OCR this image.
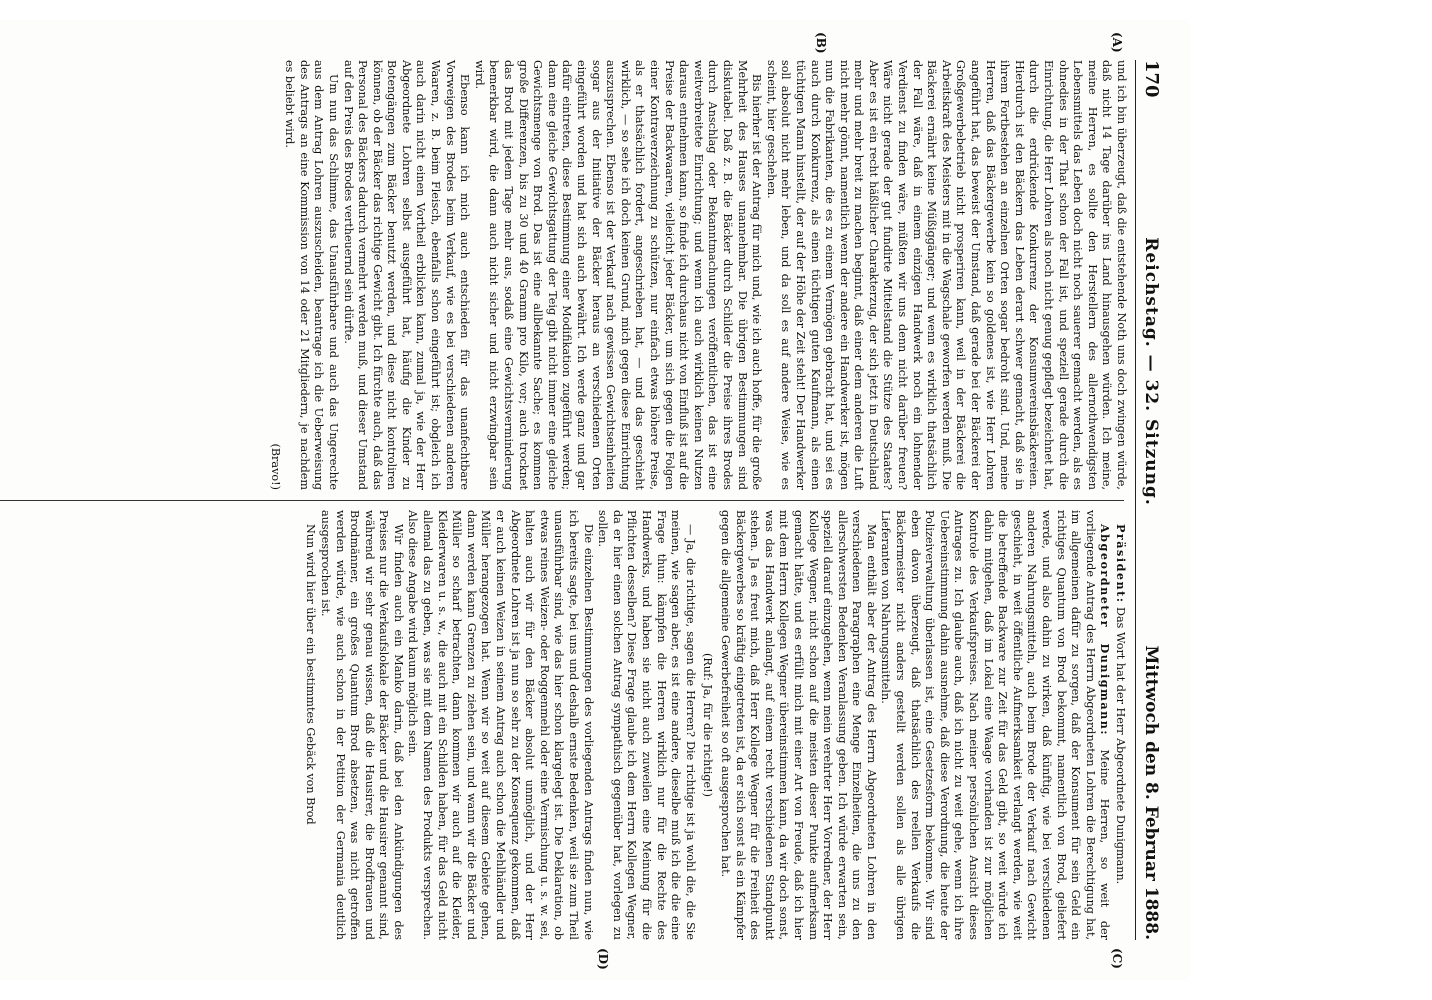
170
Reichstag. — 32. Sitzung.
Mittwoch den 8. Februar 1888.
(A)
(B)
(C)
(D)

und ich bin überzeugt, daß die entstehende Noth uns doch zwingen würde, daß nicht 14 Tage darüber ins Land hinausgehen würden. Ich meine, meine Herren, es sollte den Herstellern des allernothwendigsten Lebensmittels das Leben doch nicht noch sauerer gemacht werden, als es ohnedies in der That schon der Fall ist, und speziell gerade durch die Einrichtung, die Herr Lohren als noch nicht genug gepflegt bezeichnet hat, durch die erdrückende Konkurrenz der Konsumvereinsbäckereien. Hierdurch ist den Bäckern das Leben derart schwer gemacht, daß sie in ihrem Fortbestehen an einzelnen Orten sogar bedroht sind. Und, meine Herren, daß das Bäckergewerbe kein so goldenes ist, wie Herr Lohren angeführt hat, das beweist der Umstand, daß gerade bei der Bäckerei der Großgewerbebetrieb nicht prosperiren kann, weil in der Bäckerei die Arbeitskraft des Meisters mit in die Wagschale geworfen werden muß. Die Bäckerei ernährt keine Müßiggänger; und wenn es wirklich thatsächlich der Fall wäre, daß in einem einzigen Handwerk noch ein lohnender Verdienst zu finden wäre, müßten wir uns denn nicht darüber freuen? Wäre nicht gerade der gut fundirte Mittelstand die Stütze des Staates? Aber es ist ein recht häßlicher Charakterzug, der sich jetzt in Deutschland mehr und mehr breit zu machen beginnt, daß einer dem anderen die Luft nicht mehr gönnt, namentlich wenn der andere ein Handwerker ist, mögen nun die Fabrikanten, die es zu einem Vermögen gebracht hat, und sei es auch durch Konkurrenz, als einen tüchtigen guten Kaufmann, als einen tüchtigen Mann hinstellt, der auf der Höhe der Zeit steht! Der Handwerker soll absolut nicht mehr leben, und da soll es auf andere Weise, wie es scheint, hier geschehen.

Bis hierher ist der Antrag für mich und, wie ich auch hoffe, für die große Mehrheit des Hauses unannehmbar. Die übrigen Bestimmungen sind diskutabel. Daß z. B. die Bäcker durch Schilder die Preise ihres Brodes durch Anschlag oder Bekanntmachungen veröffentlichen, das ist eine weitverbreitete Einrichtung; und wenn ich auch wirklich keinen Nutzen daraus entnehmen kann, so finde ich durchaus nicht von Einfluß ist auf die Preise der Backwaaren, vielleicht jeder Bäcker, um sich gegen die Folgen einer Kontraverzeichnung zu schützen, nur einfach etwas höhere Preise, als er thatsächlich fordert, angeschrieben hat, — und das geschieht wirklich, — so sehe ich doch keinen Grund, mich gegen diese Einrichtung auszusprechen. Ebenso ist der Verkauf nach gewissen Gewichtseinheiten sogar aus der Initiative der Bäcker heraus an verschiedenen Orten eingeführt worden und hat sich auch bewährt. Ich werde ganz und gar dafür eintreten, diese Bestimmung einer Modifikation zugeführt werden; dann eine gleiche Gewichtsgattung der Teig gibt nicht immer eine gleiche Gewichtsmenge von Brod. Das ist eine allbekannte Sache; es kommen große Differenzen, bis zu 30 und 40 Gramm pro Kilo, vor; auch trocknet das Brod mit jedem Tage mehr aus, sodaß eine Gewichtsverminderung bemerkbar wird, die dann auch nicht sicher und nicht erzwingbar sein wird.

Ebenso kann ich mich auch entschieden für das unanfechtbare Vorweigen des Brodes beim Verkauf, wie es bei verschiedenen anderen Waaren, z. B. beim Fleisch, ebenfalls schon eingeführt ist; obgleich ich auch darin nicht einen Vortheil erblicken kann, zumal ja, wie der Herr Abgeordnete Lohren selbst ausgeführt hat, häufig die Kinder zu Botengängen zum Bäcker benutzt werden, und diese nicht kontroliren können, ob der Bäcker das richtige Gewicht gibt. Ich fürchte auch, daß das Personal des Bäckers dadurch vermehrt werden muß, und dieser Umstand auf den Preis des Brodes vertheuernd sein dürfte.

Um nun das Schlimme, das Unausführbare und auch das Ungerechte aus dem Antrag Lohren auszuscheiden, beantrage ich die Ueberweisung des Antrags an eine Kommission von 14 oder 21 Mitgliedern, je nachdem es beliebt wird.

(Bravo!)

Präsident: Das Wort hat der Herr Abgeordnete Dunigmann.

Abgeordneter Dunigmann: Meine Herren, so weit der vorliegende Antrag des Herrn Abgeordneten Lohren die Berechtigung hat, im allgemeinen dafür zu sorgen, daß der Konsument für sein Geld ein richtiges Quantum von Brod bekommt, namentlich von Brod, geliefert werde, und also dahin zu wirken, daß künftig, wie bei verschiedenen anderen Nahrungsmitteln, auch beim Brode der Verkauf nach Gewicht geschieht, in weit öffentliche Aufmerksamkeit verlangt werden, wie weit die betreffende Backware zur Zeit für das Geld gibt, so weit würde ich dahin mitgehen, daß im Lokal eine Waage vorhanden ist zur möglichen Kontrole des Verkaufspreises. Nach meiner persönlichen Ansicht dieses Antrages zu. Ich glaube auch, daß ich nicht zu weit gehe, wenn ich ihre Uebereinstimmung dahin ausnehme, daß diese Verordnung, die heute der Polizeiverwaltung überlassen ist, eine Gesetzesform bekomme. Wir sind eben davon überzeugt, daß thatsächlich des reellen Verkaufs die Bäckermeister nicht anders gestellt werden sollen als alle übrigen Lieferanten von Nahrungsmitteln.

Man enthält aber der Antrag des Herrn Abgeordneten Lohren in den verschiedenen Paragraphen eine Menge Einzelheiten, die uns zu den allerschwersten Bedenken Veranlassung geben. Ich würde erwarten sein, speziell darauf einzugehen, wenn mein verehrter Herr Vorredner, der Herr Kollege Wegner, nicht schon auf die meisten dieser Punkte aufmerksam gemacht hätte, und es erfüllt mich mit einer Art von Freude, daß ich hier mit dem Herrn Kollegen Wegner übereinstimmen kann, da wir doch sonst, was das Handwerk anlangt, auf einem recht verschiedenen Standpunkt stehen. Ja es freut mich, daß Herr Kollege Wegner für die Freiheit des Bäckergewerbes so kräftig eingetreten ist, da er sich sonst als ein Kämpfer gegen die allgemeine Gewerbefreiheit so oft ausgesprochen hat.

(Ruf: Ja, für die richtige!)

— Ja, die richtige, sagen die Herren? Die richtige ist ja wohl die, die Sie meinen, wie sagen aber, es ist eine andere, dieselbe muß ich die die eine Frage thun: kämpfen die Herren wirklich nur für die Rechte des Handwerks, und haben sie nicht auch zuweilen eine Meinung für die Pflichten desselben? Diese Frage glaube ich dem Herrn Kollegen Wegner, da er hier einen solchen Antrag sympathisch gegenüber hat, vorlegen zu sollen.

Die einzelnen Bestimmungen des vorliegenden Antrags finden nun, wie ich bereits sagte, bei uns und deshalb ernste Bedenken, weil sie zum Theil unausführbar sind, wie das hier schon klargelegt ist. Die Deklaration, ob etwas reines Weizen- oder Roggenmehl oder eine Vermischung u. s. w. sei, halten auch wir für den Bäcker absolut unmöglich, und der Herr Abgeordnete Lohren ist ja nun so sehr zu der Konsequenz gekommen, daß er auch keinen Weizen in seinem Antrag auch schon die Mehlhändler und Müller herangezogen hat. Wenn wir so weit auf diesem Gebiete gehen, dann werden kann Grenzen zu ziehen sein, und wann wir die Bäcker und Müller so scharf betrachten, dann kommen wir auch auf die Kleider, Kleiderwaren u. s. w., die auch mit ein Schilden haben, für das Geld nicht allemal das zu geben, was sie mit dem Namen des Produkts versprechen. Also diese Angabe wird kaum möglich sein.

Wir finden auch ein Manko darin, daß bei den Ankündigungen des Preises nur die Verkaufslokale der Bäcker und die Hausirer genannt sind, während wir sehr genau wissen, daß die Hausirer, die Brodfrauen und Brodmänner, ein großes Quantum Brod absetzen, was nicht getroffen werden würde, wie auch schon in der Petition der Germania deutlich ausgesprochen ist.

Nun wird hier über ein bestimmtes Gebäck von Brod
